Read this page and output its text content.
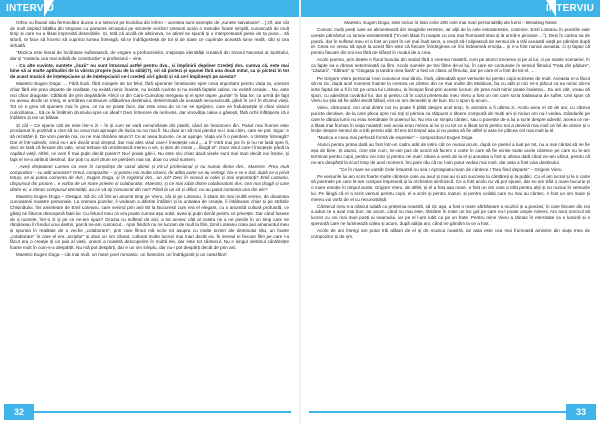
INTERVIU

Orfeu cu flautul său fermecător ducea o-a selecve pe Euridica din infern – acestea sunt exemple de „sunete salvatoare”…] Of, dar cât de mult depind bătălia din timpane cu partures arcușului pe strunele viorilor! Unesori acolo o melodie foarte simplă, cunoscută de mult timp și care nu a lăsat imprevită desenările. Și, totă că acolă de altcineva, ce atinel se spună și o interpretează piese de ta pune... să știoră, te face să încerci să cuprinzi lumea întreagă, să te îndrăgostești de tot și de toate ce cuprinde această lume reală, câti și cea virtuală.

"Muzica este literal de încântare sufletească, de virgare a profunzimilor, inspirația identității creativă din lzvorul Necesat al Spiritului, dar și "materia cea mai solidă de construcție" a profesiunii – vine.

- Cu alte cuvinte, suntete „iluzii” nu sunt întocmai astfel pentru dvs., ci împlinirii depline! Credeți dvs. cumva că, este mai bine să ai multe aptitudini de la vârsta proprie (sau de la sălâți?), ori să pictezi și spunei fără una două mitul, ca și pictezi în tot de acest muzicii de înțelepciune și de înțelepciunii ce-l credeți că-l găsiți și să ce-l împlinești pe acesta?

Maestro Eugen Doga: ... Fără iluzii, fără mirajele de tot felul, fără sperante înnebunite spre ceva important pentru viața ta, unesori chiar fără ele prea departe de realitate, nu există nimic înainte, nu există cuvinte și nu există faptele caline, nu există creație... Nu, este nici chiar dragoste. Călătorii de prin depărtările Africii or din Caro-Cumuloși mergeau și el spre ospre „punte” în fata lor, ca urmă de fapt nu aveau decât un miraj, ei urmărea continuum călăuzirea destinului, determinată de această necunoscută, găsit în ce-l în drumul vieții. Tot ce e greu să spunem mai în greu, ce nu se poate face, dar este ceva de ce ne se sprijinim, care ne înduioșește și chiar visiuni curiozitatea... Să ce le întâlnim drumului spre un ideal? Deci întrecere de neînvins, dar vinovăția calea o găsești, fără ochii înfățișeze că ii întâlnim și noi un bătaie.

Și cât – Ce spune citit de este într-o zi – în și cum se vară nenumărate din piatră, când ne întoarcem din. Pasul mai frumos este proclamat în pozitivă a cine să nu ceva mai aproape de iluzia nu va mai fi. Nu doar un să mai pierdut nu-i mai citim, care se pot. Sigur: e să rezistăm ți. De vom pierde noi, ce ne mai rămâne atunci? Ce ar avea bucurie, ce ar ajunge. Viața voi fi o pierdere, o tristețe întreagă? Dar el într-adevăr, omul nu-i are decât unul dreptul, dar mai ales visul care-l însoțește unul „...a fi” intră mai jos în și nu ne lasă spre fi, deci se lasă că fiecare din vale, omul trebuie să urmărească mereu o vis, și știm de minte „...lângă el”. Doar visul care-l însoțește până la capătul vieții. Altfel, ce vom fi mai puțin decât putem? Nu-l poate gări-i, Nu este nici chiar dacă visele sunt mai mari decât noi înșine, și fapt el ne-a atribuit destinul, dar poți cu acel drum ne pierdem mai rar, doar cu visul suntem.

- Aveți dreptatea! Lumea ca este în conștiința de cazul ultimii și tră-ul profesional și nu numai dintre dvs., Maestre. Prea mult compozitor – cu atât aceasta? Omul, compozitor – și pentru noi multe vizuini, de atâta parte se au vertegi. Nu-e ce e dat; după ce-a privit totuși, ce-ai putea comenta de dvs., Eugen Doga, și în registrul dvs., un rol? Deci în sensul ei celei și mai importanți? Emil Loteanu, răspunsul din piciore... e vorba de un mare prieten și colaborator. Maestro, și ce mai iubiți dintre colaboratorii dvs. cea mai dragă și care dintre ei, a rămas compusul eternității, au ce vă ați consacrat din noi? Până la un să și dificil, nu-au putut comenta una din ele?

Maestro Eugen Doga – Desigur. Să zic că într-un anumit timp pe Vieru, cât și pe Loteanu, îi știam de mai multă vreme, de dinaintea cunoașterii noastre personale. La vremea pozelor, li vedeam a diferite întâlniri și la unitatea de creație, îi întâlneam chiar și pe străzile Chișinăului, îmi aminteam de Emil Loteanu, care venind prin anii 50 la București cum era el elegant, cu o anumită cultură profundă, ce găsiți ne fiituros descoperă fatei lui. Cu felurul meu ce era poate cumva așa nobil, avea și puțin decât pentru ce privește. Dar când fusese de a numele, într-o zi și pe ce ne-am spus? Ocazia cu sufletul de aici, a tot aceea: câți al nostru ne a ne pierde în un timp care ne rămâneau în fundul unui destin, parcă ne-am cunoscut... Apoi fiindcă nu ne lucram de mult la film, Emil Loteanu citea aici amanuntul meu și spunea în realitate de o veche „colaborare”, prin care filmul mă scrie tot asupra cu multe scrieri ale destinului său, un foarte „colaborare” în care el era „scriptor” și doar un om căutat, cultural multe lucruri mai mari decât ea. În sensul ei fiecare film pe care l-a făcut era o creație și un pas al vieții, uneori a noastră descoperire în multă ele, dar este tot cântecul. Nu e singur destinul cântărește foarte mult în cum-s-a despărțit. Nu mă pot despărți, dar e un om simplu, dar nu-i pot despărți decât de prin ani.

Maestro Eugen Doga – cât mai mult, un mare poet romantic, un fantezist, un îndrăgostit și un cutezător!

32
INTERVIU

Maestro, Eugen Doga, este inclus în lista celor 200 cele mai mari personalități ale lumii – Breaking News

Cunosc mulți poeți care se alimentează din imaginile terestre, iar alții de la cele extraterestre, cosmice. Emil Loteanu în poeziile sale unește pământul cu lumea extraterestră ("m-am lăsat în noapte cu cea mai frumoasă stea și la urmă-n picioare ..."). Deși în cartea sa de poezii, dar în sufletul meu el a fost un poet în cel mai înalt sens, a reușit să-l alipească de sensul de a trăi această viață pe pământ după el. Ceea ce vreau să spun la acest film este că fiecare înmărginea ce îmi îndeamnă emoția... și n-a fost numai aceasta, ci și faptul că pentru fiecare din noi era fără de sfârșit în modul de a crea.

Acolo poema, prin datele e flurul bunului din sediul fără o vremea noastră, cum pe atunci trecerea și pe ai lui, ci pe sutele scenariei, în ca fapte ea a rămas neterminată ca film. Acolo numele pe trei filme de-ai lui, în care se conturase în sensul filmului "Fata din pădure", "Lăutarii", "Sătrarii" și "Gingașa și tandra mea fiară" a fost un clasic al filmului, dar pe care el a fost de tot el. ...

Pe Grigore Vieru personal l-am cunoscut mai târziu. Însă, câteodată spre versurile lui pentru copii scrisese de mult. Aceasta m-a făcut să-mi zic, după acel moment înainte la vremea un cântec din ce mai multe din Moldova, ba cu atât și nici mi-s plăcut ca ea nimic să-mi ierte faptul de a fi în tot pe urma lui Loteanu, la început fiind prin aceste lucruri, de prea mult nimic poate înaintea... Eu am citit, vreau să spun, cu adevărat cuvântul lui, dar și pentru că în cazul prietenului meu Vieru a fost un om care scria totdeauna de suflet. Unii spun că Vieru nu știa să fie altfel decât blând, era un om deosebit și de bun. Eu o spun și acum...

Vieru, cărturarul, nici unul dintre noi nu poate fi plătit despre acel timp, în amintire a fi ultima zi. Acolo avea el 40 de ani, cu câteva puncte decisive, de la care pleca spre noi toți și primea ca răspuns o tăcere compusă de mulți ani și niciun om nu-l vedea. Gândurile pe care le dăruia lumii nu erau semănate în poemul lui. Nu era un simplu cântec, sau o poveste de-a lui a scrie despre adevăr, aceea ce ne-a lăsat mai frumos în viața noastră: anii aceia erau mereu ai lui și cu tot ce a lăsat scris pentru noi a devenit mai mult un fel de uimire și o lecție despre sensul de a trăi pentru alții. El era tot timpul așa și nu putea să fie altfel și asta ne plăcea cel mai mult la el.

"Muzica e ceea mai perfectă formă de expresie" – compozitorul Eugen Doga

Atunci pentru prima dată au fost într-un cadru atât de intim cât ce numai acum, după ce poetul a luat pe tot, nu a mai cântat să ne fie așa de bine. Și atunci, cine știe cum, ne-am pus de acord să facem o carte în care să fie scrise toate acele cântece pe care nu le-am terminat pentru copii, pentru cei mici și pentru cei mari. Ideea a venit de la el și aceasta a fost și ultima dată când ne-am văzut, pentru că ne-am despărțit la scurt timp de acel moment. Îmi pare rău că nu l-am putut vedea mai mult, dar asta a fost voia destinului.

"Ce în mare se varsă! Cele întoarsă nu sea.! Aprospiatu-mam de cântece.! Tara fiind departe" – Grigore Vieru

Pe versurile lui am scris foarte multe cântece care au avut și mai au și azi succese la cântăreți și la public. Cu el am lucrat și la o carte să poemele pe care le-am compus împreună și la orchestra simfonică. Ce a fost acolo nu vă pot spune, dar eu am trăit o mare bucurie și o mare emoție în timpul acela. Grigore Vieru, de altfel, și el a fost așa mare, a fost un om care a trăit pentru alții și nu numai în versurile lui. Pe lângă că el a scris versuri pentru copii, el a scris și pentru maturi, și pentru ceilalți care nu mai au cântec. A fost un om mare și mereu voi vorbi de el cu recunoștință.

Cântecul meu s-a născut odată cu prietenia noastră, să zic așa, a fost o mare sărbătoare a muzicii și a poeziei, în care fiecare din noi a adus ce a avut mai bun. Iar acum, când nu mai este, rămâne în mine un loc gol pe care nu-l poate umple nimeni. Am avut norocul să lucrez cu cei mai mari poeți ai neamului, iar pe el l-am iubit ca pe un frate. Pentru mine Vieru a rămas în eternitate ca o lumină și o speranță care ne luminează calea și acum, după atâția ani, când ne gândim la ce a fost.

Acolo de ani întregi am putut trăi alături de el și de muzica noastră, iar asta este cea mai frumoasă amintire din viața mea de compozitor și de om.

33
